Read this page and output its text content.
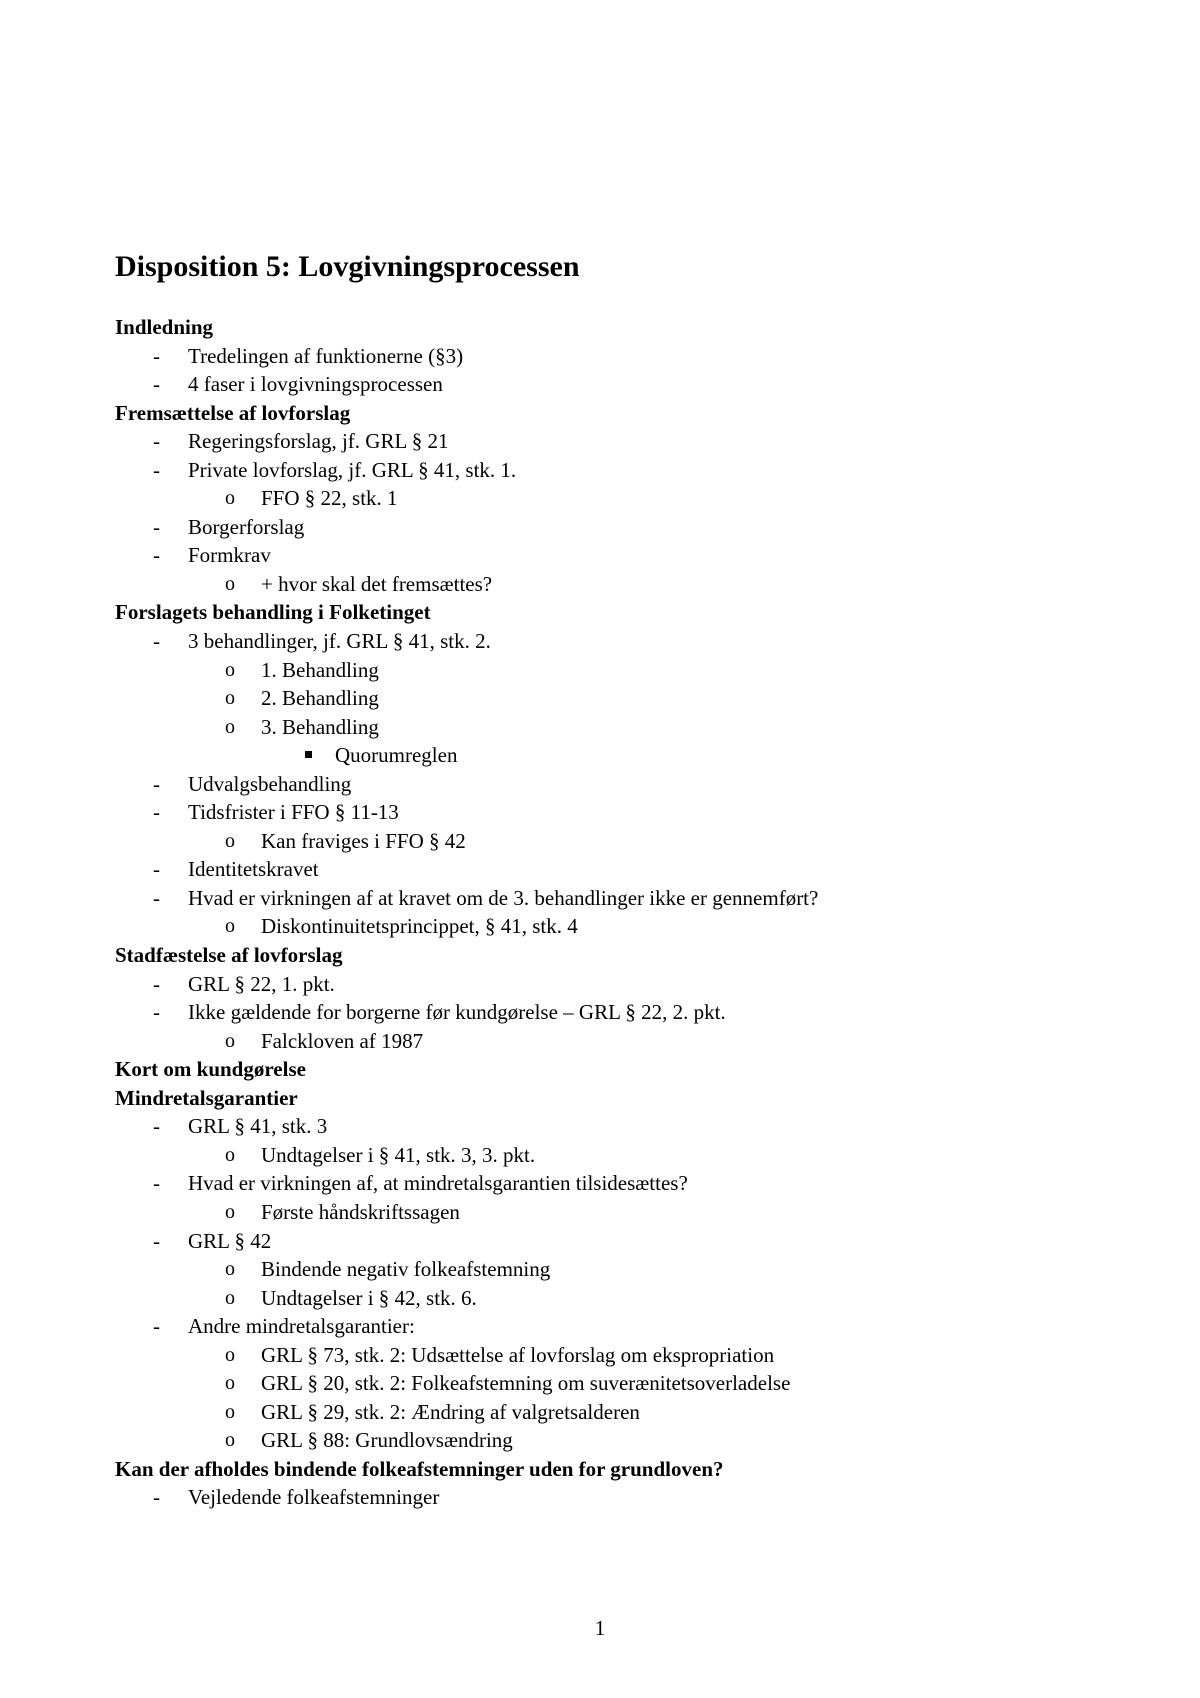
Disposition 5: Lovgivningsprocessen
Indledning
- Tredelingen af funktionerne (§3)
- 4 faser i lovgivningsprocessen
Fremsættelse af lovforslag
- Regeringsforslag, jf. GRL § 21
- Private lovforslag, jf. GRL § 41, stk. 1.
o FFO § 22, stk. 1
- Borgerforslag
- Formkrav
o + hvor skal det fremsættes?
Forslagets behandling i Folketinget
- 3 behandlinger, jf. GRL § 41, stk. 2.
o 1. Behandling
o 2. Behandling
o 3. Behandling
Quorumreglen
- Udvalgsbehandling
- Tidsfrister i FFO § 11-13
o Kan fraviges i FFO § 42
- Identitetskravet
- Hvad er virkningen af at kravet om de 3. behandlinger ikke er gennemført?
o Diskontinuitetsprincippet, § 41, stk. 4
Stadfæstelse af lovforslag
- GRL § 22, 1. pkt.
- Ikke gældende for borgerne før kundgørelse – GRL § 22, 2. pkt.
o Falckloven af 1987
Kort om kundgørelse
Mindretalsgarantier
- GRL § 41, stk. 3
o Undtagelser i § 41, stk. 3, 3. pkt.
- Hvad er virkningen af, at mindretalsgarantien tilsidesættes?
o Første håndskriftssagen
- GRL § 42
o Bindende negativ folkeafstemning
o Undtagelser i § 42, stk. 6.
- Andre mindretalsgarantier:
o GRL § 73, stk. 2: Udsættelse af lovforslag om ekspropriation
o GRL § 20, stk. 2: Folkeafstemning om suverænitetsoverladelse
o GRL § 29, stk. 2: Ændring af valgretsalderen
o GRL § 88: Grundlovsændring
Kan der afholdes bindende folkeafstemninger uden for grundloven?
- Vejledende folkeafstemninger
1
